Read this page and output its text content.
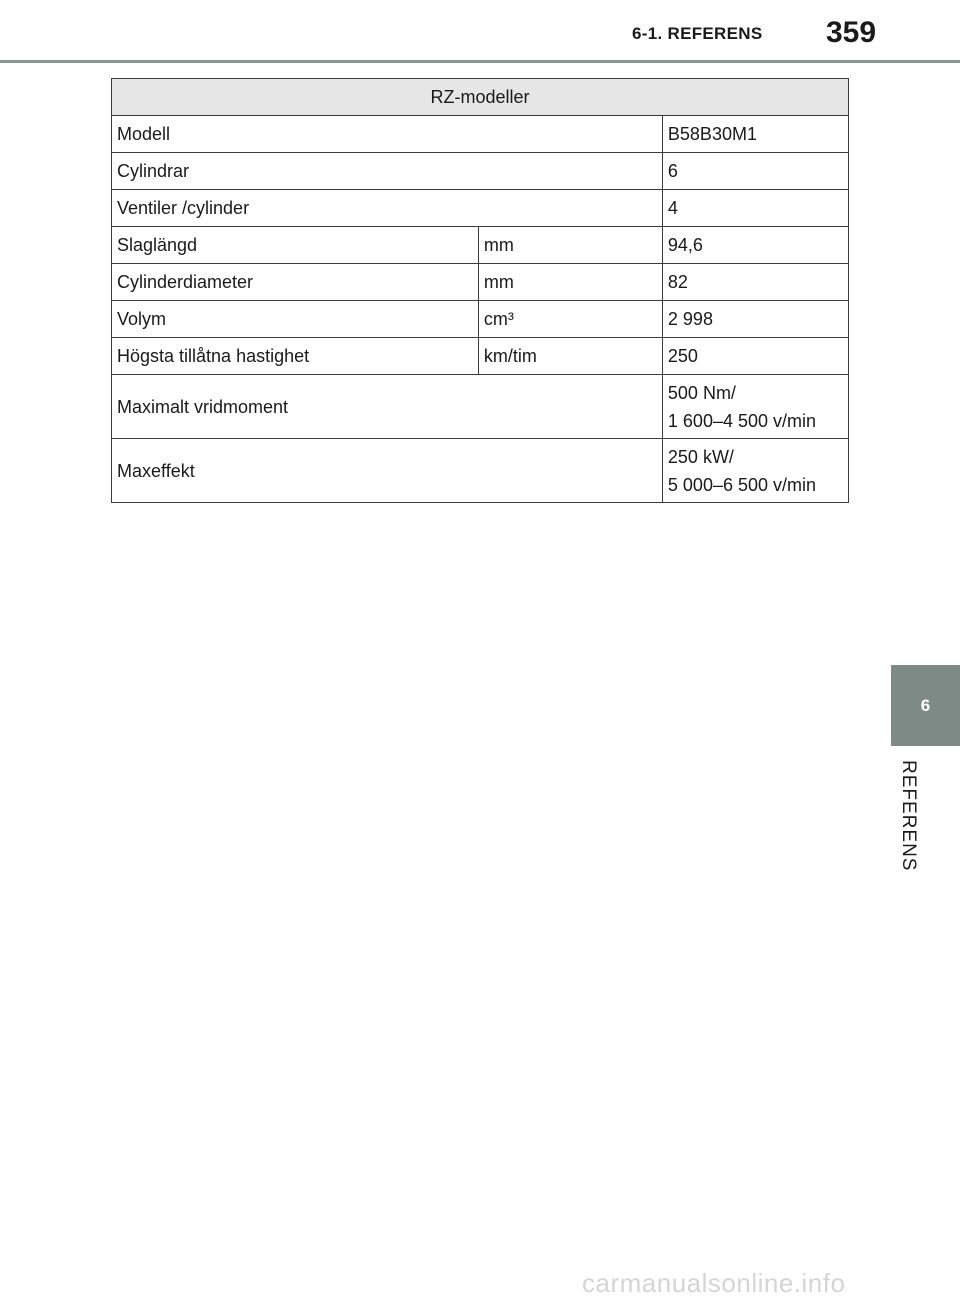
6-1. REFERENS 359
RZ-modeller		
Modell		B58B30M1
Cylindrar		6
Ventiler /cylinder		4
Slaglängd	mm	94,6
Cylinderdiameter	mm	82
Volym	cm³	2 998
Högsta tillåtna hastighet	km/tim	250
Maximalt vridmoment		500 Nm/
1 600–4 500 v/min

Maxeffekt		250 kW/
5 000–6 500 v/min
6
REFERENS
carmanualsonline.info
